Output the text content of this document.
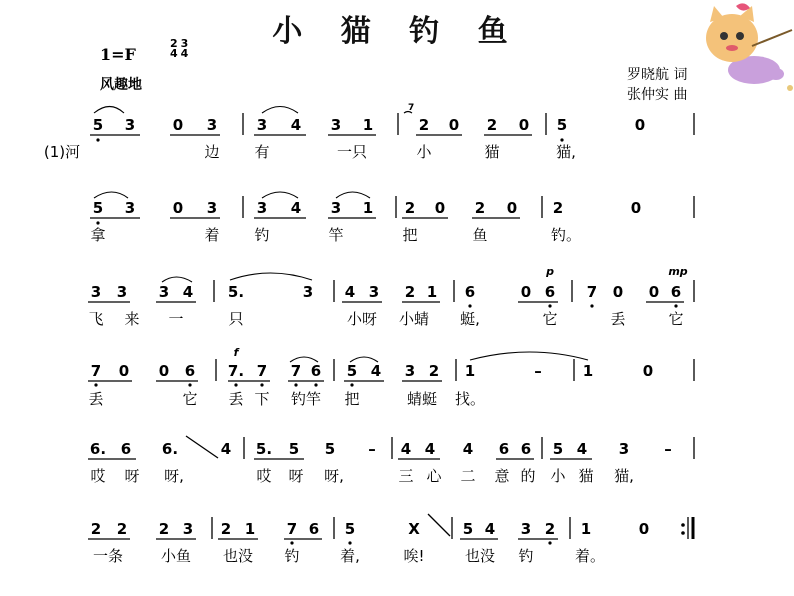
小 猫 钓 鱼
1=F
2
4
3
4
风趣地
罗晓航 词
张仲实 曲
7
5 3	0 3	3 4 3 1	2 0 2 0 5	0
(1)河	边 有	一只	小	猫	猫,
5 3	0 3	3 4 3 1 2 0 2 0 2	0
拿	着 钓	竿	把	鱼	钓。
p	mp
3 3 3 4 5.	3 4 3 2 1 6	0 6 7 0 0 6
飞 来 一	只	小呀 小蜻 蜓,	它	丢	它
f
7 0 0 6 7. 7 7 6 5 4 3 2 1	–	1	0
丢	它 丢 下 钓竿 把	蜻蜓 找。
6. 6 6.	4 5. 5 5 – 4 4 4 6 6 5 4 3 –
哎 呀 呀,	哎 呀 呀,	三 心 二 意 的 小 猫 猫,
2 2 2 3 2 1 7 6 5	X	5 4 3 2 1	0
一条	小鱼 也没 钓	着,	唉!	也没 钓	着。
